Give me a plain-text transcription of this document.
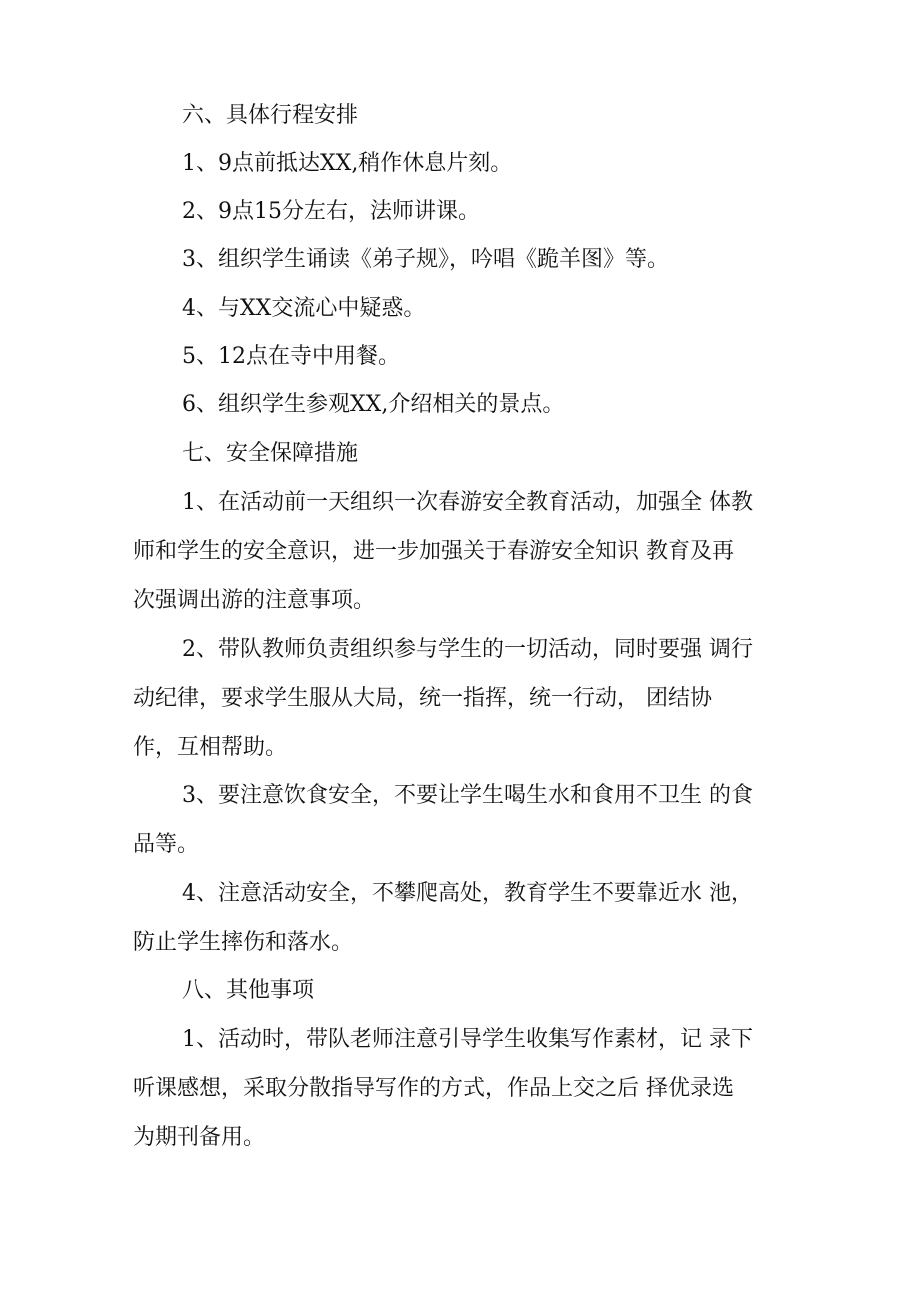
六、具体行程安排
1、9点前抵达XX,稍作休息片刻。
2、9点15分左右，法师讲课。
3、组织学生诵读《弟子规》，吟唱《跪羊图》等。
4、与XX交流心中疑惑。
5、12点在寺中用餐。
6、组织学生参观XX,介绍相关的景点。
七、安全保障措施
1、在活动前一天组织一次春游安全教育活动，加强全 体教
师和学生的安全意识，进一步加强关于春游安全知识 教育及再
次强调出游的注意事项。
2、带队教师负责组织参与学生的一切活动，同时要强 调行
动纪律，要求学生服从大局，统一指挥，统一行动， 团结协
作，互相帮助。
3、要注意饮食安全，不要让学生喝生水和食用不卫生 的食
品等。
4、注意活动安全，不攀爬高处，教育学生不要靠近水 池，
防止学生摔伤和落水。
八、其他事项
1、活动时，带队老师注意引导学生收集写作素材，记 录下
听课感想，采取分散指导写作的方式，作品上交之后 择优录选
为期刊备用。
